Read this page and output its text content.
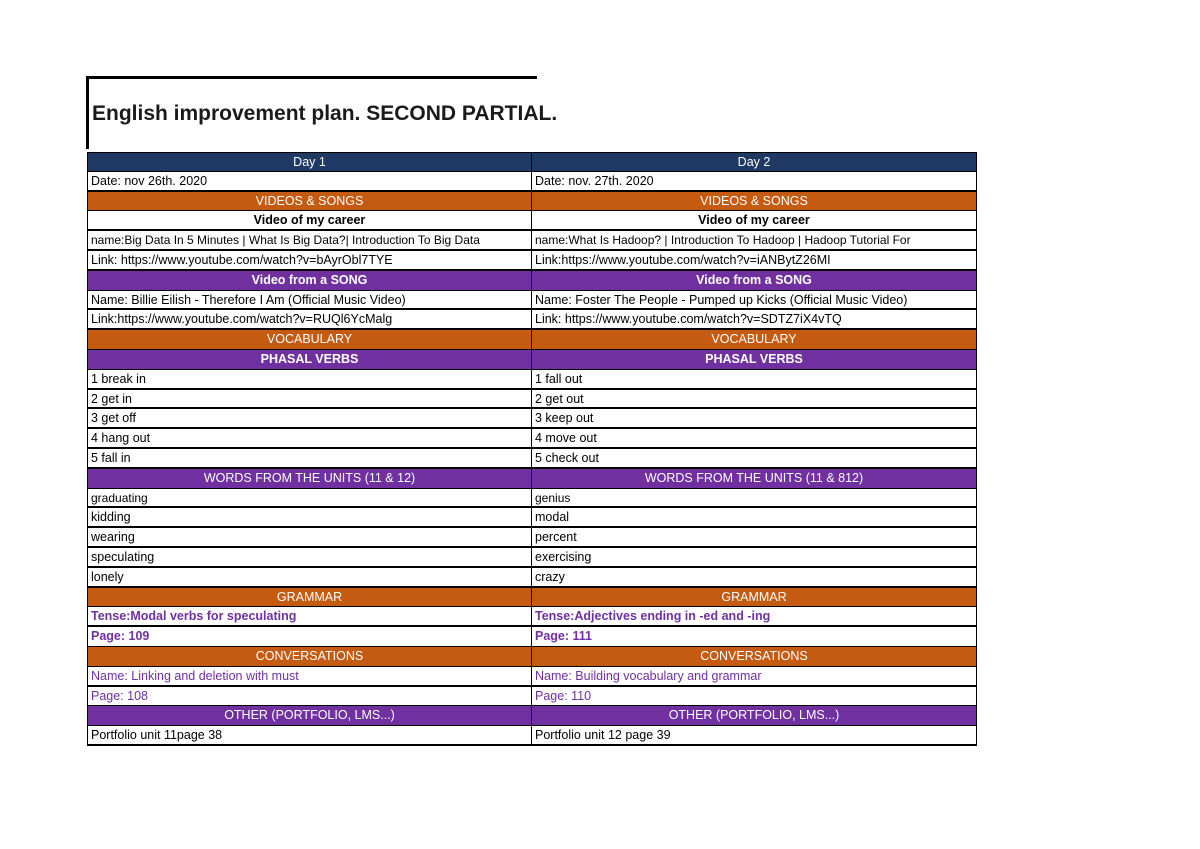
English improvement plan. SECOND PARTIAL.
Day 1	Day 2
Date: nov 26th. 2020	Date: nov. 27th. 2020
VIDEOS & SONGS	VIDEOS & SONGS
Video of my career	Video of my career
name:Big Data In 5 Minutes | What Is Big Data?| Introduction To Big Data	name:What Is Hadoop? | Introduction To Hadoop | Hadoop Tutorial For
Link: https://www.youtube.com/watch?v=bAyrObl7TYE	Link:https://www.youtube.com/watch?v=iANBytZ26MI
Video from a SONG	Video from a SONG
Name: Billie Eilish - Therefore I Am (Official Music Video)	Name: Foster The People - Pumped up Kicks (Official Music Video)
Link:https://www.youtube.com/watch?v=RUQl6YcMalg	Link: https://www.youtube.com/watch?v=SDTZ7iX4vTQ
VOCABULARY	VOCABULARY
PHASAL VERBS	PHASAL VERBS
1 break in	1 fall out
2 get in	2 get out
3 get off	3 keep out
4 hang out	4 move out
5 fall in	5 check out
WORDS FROM THE UNITS (11 & 12)	WORDS FROM THE UNITS (11 & 812)
graduating	genius
kidding	modal
wearing	percent
speculating	exercising
lonely	crazy
GRAMMAR	GRAMMAR
Tense:Modal verbs for speculating	Tense:Adjectives ending in -ed and -ing
Page: 109	Page: 111
CONVERSATIONS	CONVERSATIONS
Name: Linking and deletion with must	Name: Building vocabulary and grammar
Page: 108	Page: 110
OTHER (PORTFOLIO, LMS...)	OTHER (PORTFOLIO, LMS...)
Portfolio unit 11page 38	Portfolio unit 12 page 39
